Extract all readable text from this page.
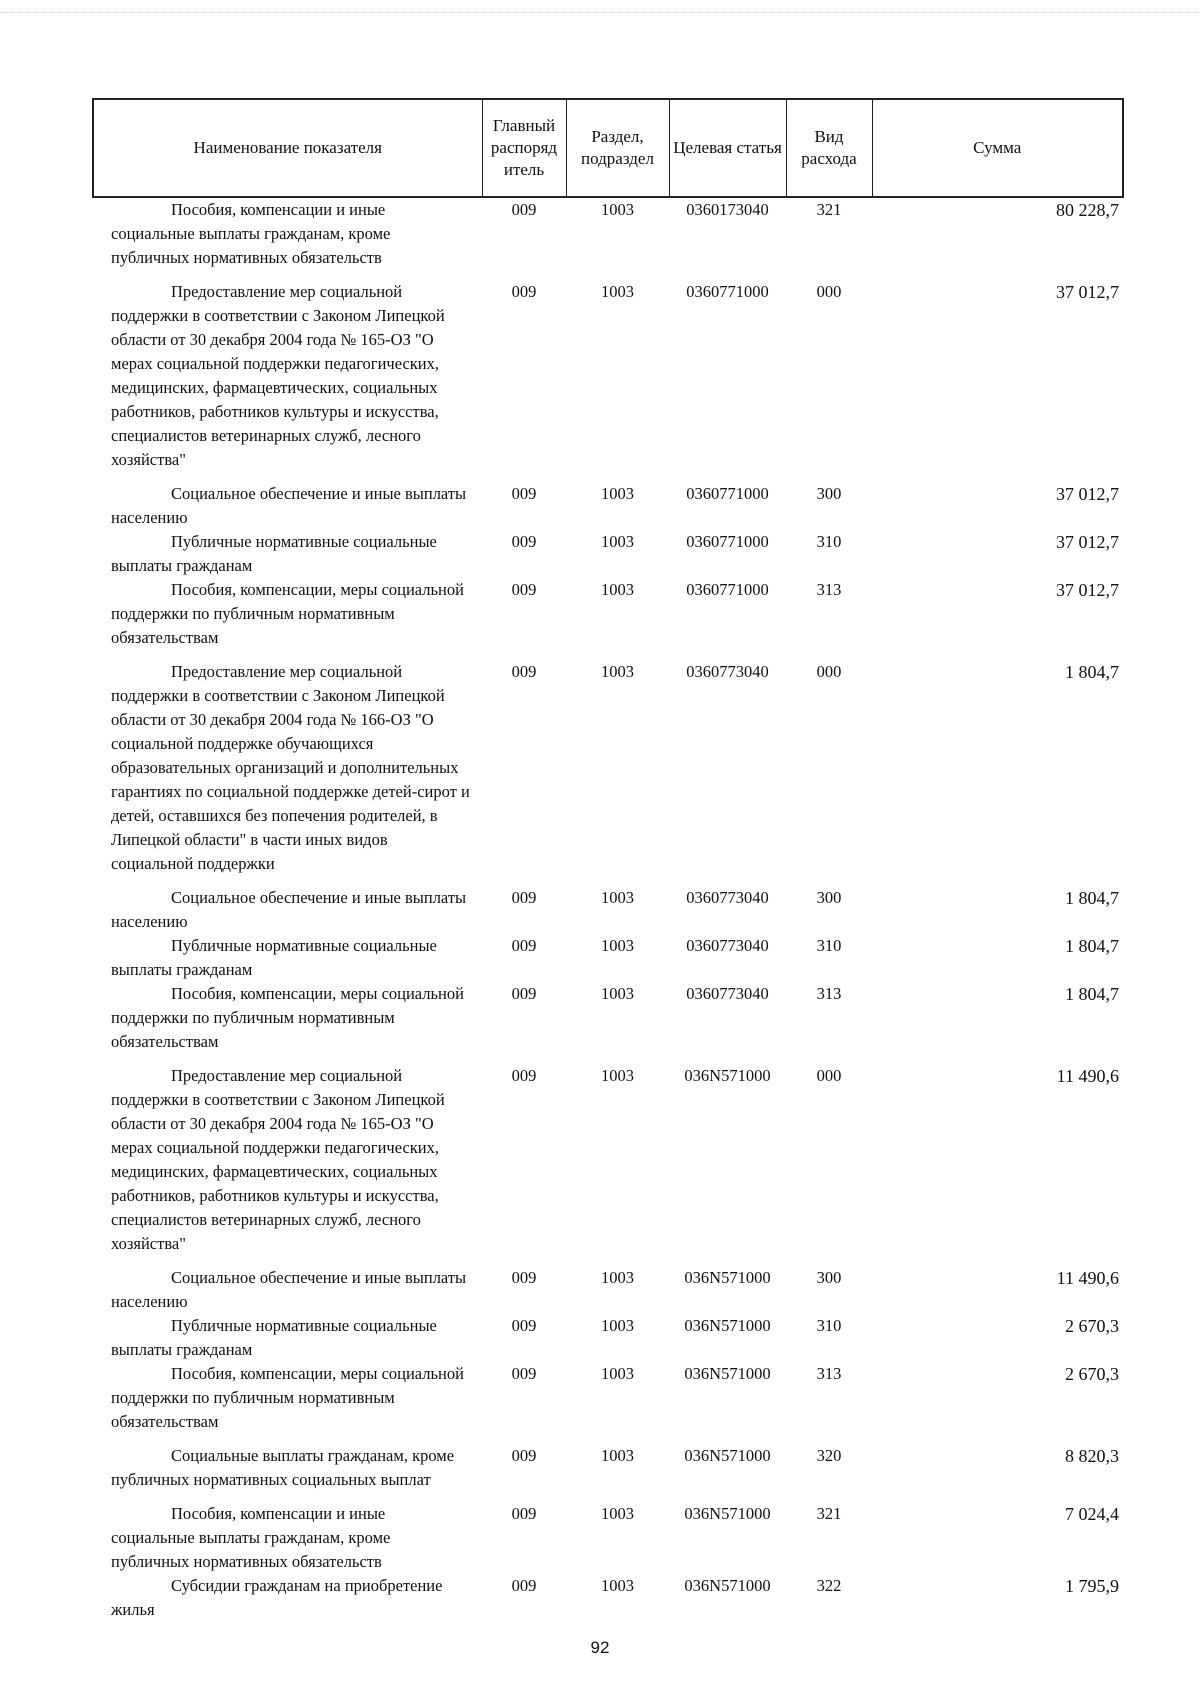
Наименование показателя	Главный распоряд итель	Раздел, подраздел	Целевая статья	Вид расхода	Сумма

Пособия, компенсации и иные социальные выплаты гражданам, кроме публичных нормативных обязательств	009	1003	0360173040	321	80 228,7

Предоставление мер социальной поддержки в соответствии с Законом Липецкой области от 30 декабря 2004 года № 165-ОЗ "О мерах социальной поддержки педагогических, медицинских, фармацевтических, социальных работников, работников культуры и искусства, специалистов ветеринарных служб, лесного хозяйства"	009	1003	0360771000	000	37 012,7

Социальное обеспечение и иные выплаты населению	009	1003	0360771000	300	37 012,7

Публичные нормативные социальные выплаты гражданам	009	1003	0360771000	310	37 012,7

Пособия, компенсации, меры социальной поддержки по публичным нормативным обязательствам	009	1003	0360771000	313	37 012,7

Предоставление мер социальной поддержки в соответствии с Законом Липецкой области от 30 декабря 2004 года № 166-ОЗ "О социальной поддержке обучающихся образовательных организаций и дополнительных гарантиях по социальной поддержке детей-сирот и детей, оставшихся без попечения родителей, в Липецкой области" в части иных видов социальной поддержки	009	1003	0360773040	000	1 804,7

Социальное обеспечение и иные выплаты населению	009	1003	0360773040	300	1 804,7

Публичные нормативные социальные выплаты гражданам	009	1003	0360773040	310	1 804,7

Пособия, компенсации, меры социальной поддержки по публичным нормативным обязательствам	009	1003	0360773040	313	1 804,7

Предоставление мер социальной поддержки в соответствии с Законом Липецкой области от 30 декабря 2004 года № 165-ОЗ "О мерах социальной поддержки педагогических, медицинских, фармацевтических, социальных работников, работников культуры и искусства, специалистов ветеринарных служб, лесного хозяйства"	009	1003	036N571000	000	11 490,6

Социальное обеспечение и иные выплаты населению	009	1003	036N571000	300	11 490,6

Публичные нормативные социальные выплаты гражданам	009	1003	036N571000	310	2 670,3

Пособия, компенсации, меры социальной поддержки по публичным нормативным обязательствам	009	1003	036N571000	313	2 670,3

Социальные выплаты гражданам, кроме публичных нормативных социальных выплат	009	1003	036N571000	320	8 820,3

Пособия, компенсации и иные социальные выплаты гражданам, кроме публичных нормативных обязательств	009	1003	036N571000	321	7 024,4

Субсидии гражданам на приобретение жилья	009	1003	036N571000	322	1 795,9
92
